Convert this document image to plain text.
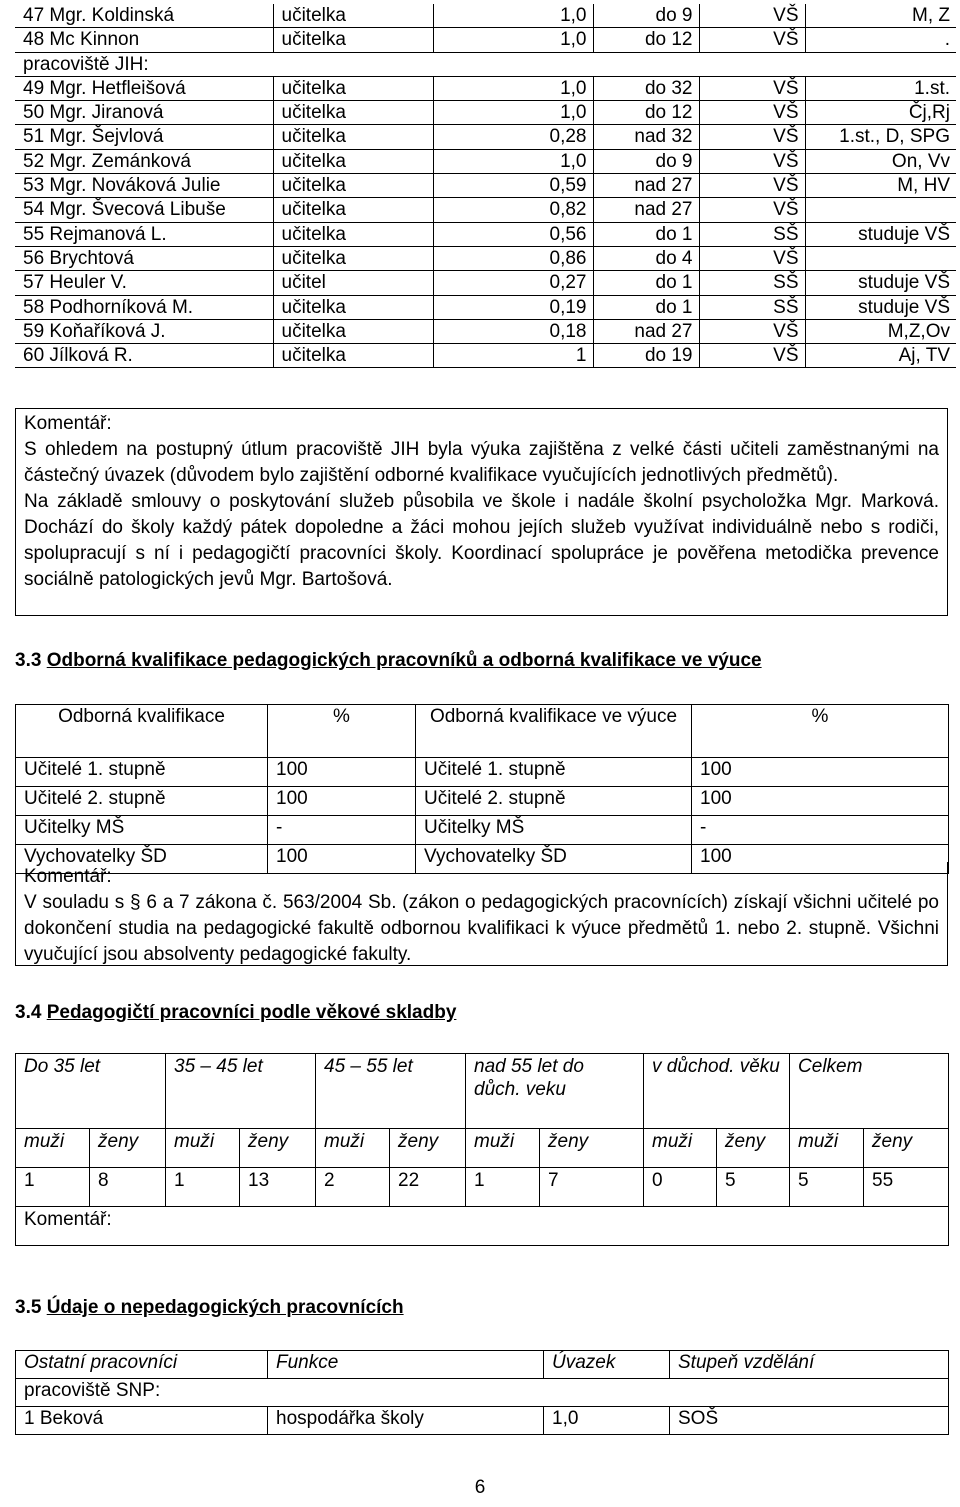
47 Mgr. Koldinská	učitelka	1,0	do 9	VŠ	M, Z
48 Mc Kinnon	učitelka	1,0	do 12	VŠ	.
pracoviště JIH:					
49 Mgr. Hetfleišová	učitelka	1,0	do 32	VŠ	1.st.
50 Mgr. Jiranová	učitelka	1,0	do 12	VŠ	Čj,Rj
51 Mgr. Šejvlová	učitelka	0,28	nad 32	VŠ	1.st., D, SPG
52 Mgr. Zemánková	učitelka	1,0	do 9	VŠ	On, Vv
53 Mgr. Nováková Julie	učitelka	0,59	nad 27	VŠ	M, HV
54 Mgr. Švecová Libuše	učitelka	0,82	nad 27	VŠ	
55 Rejmanová L.	učitelka	0,56	do 1	SŠ	studuje VŠ
56 Brychtová	učitelka	0,86	do 4	VŠ	
57 Heuler V.	učitel	0,27	do 1	SŠ	studuje VŠ
58 Podhorníková M.	učitelka	0,19	do 1	SŠ	studuje VŠ
59 Koňaříková J.	učitelka	0,18	nad 27	VŠ	M,Z,Ov
60 Jílková R.	učitelka	1	do 19	VŠ	Aj, TV

Komentář:

S ohledem na postupný útlum pracoviště JIH byla výuka zajištěna z velké části učiteli zaměstnanými na částečný úvazek (důvodem bylo zajištění odborné kvalifikace vyučujících jednotlivých předmětů).

Na základě smlouvy o poskytování služeb působila ve škole i nadále školní psycholožka Mgr. Marková. Dochází do školy každý pátek dopoledne a žáci mohou jejích služeb využívat individuálně nebo s rodiči, spolupracují s ní i pedagogičtí pracovníci školy. Koordinací spolupráce je pověřena metodička prevence sociálně patologických jevů Mgr. Bartošová.

3.3 Odborná kvalifikace pedagogických pracovníků a odborná kvalifikace ve výuce
Odborná kvalifikace	%	Odborná kvalifikace ve výuce	%
Učitelé 1. stupně	100	Učitelé 1. stupně	100
Učitelé 2. stupně	100	Učitelé 2. stupně	100
Učitelky MŠ	-	Učitelky MŠ	-
Vychovatelky ŠD	100	Vychovatelky ŠD	100

Komentář:

V souladu s § 6 a 7 zákona č. 563/2004 Sb. (zákon o pedagogických pracovnících) získají všichni učitelé po dokončení studia na pedagogické fakultě odbornou kvalifikaci k výuce předmětů 1. nebo 2. stupně. Všichni vyučující jsou absolventy pedagogické fakulty.

3.4 Pedagogičtí pracovníci podle věkové skladby
Do 35 let		35 – 45 let		45 – 55 let		nad 55 let do důch. veku		v důchod. věku		Celkem	
muži	ženy	muži	ženy	muži	ženy	muži	ženy	muži	ženy	muži	ženy
1	8	1	13	2	22	1	7	0	5	5	55
Komentář:											
3.5 Údaje o nepedagogických pracovnících
Ostatní pracovníci	Funkce	Úvazek	Stupeň vzdělání
pracoviště SNP:			
1 Beková	hospodářka školy	1,0	SOŠ
6
